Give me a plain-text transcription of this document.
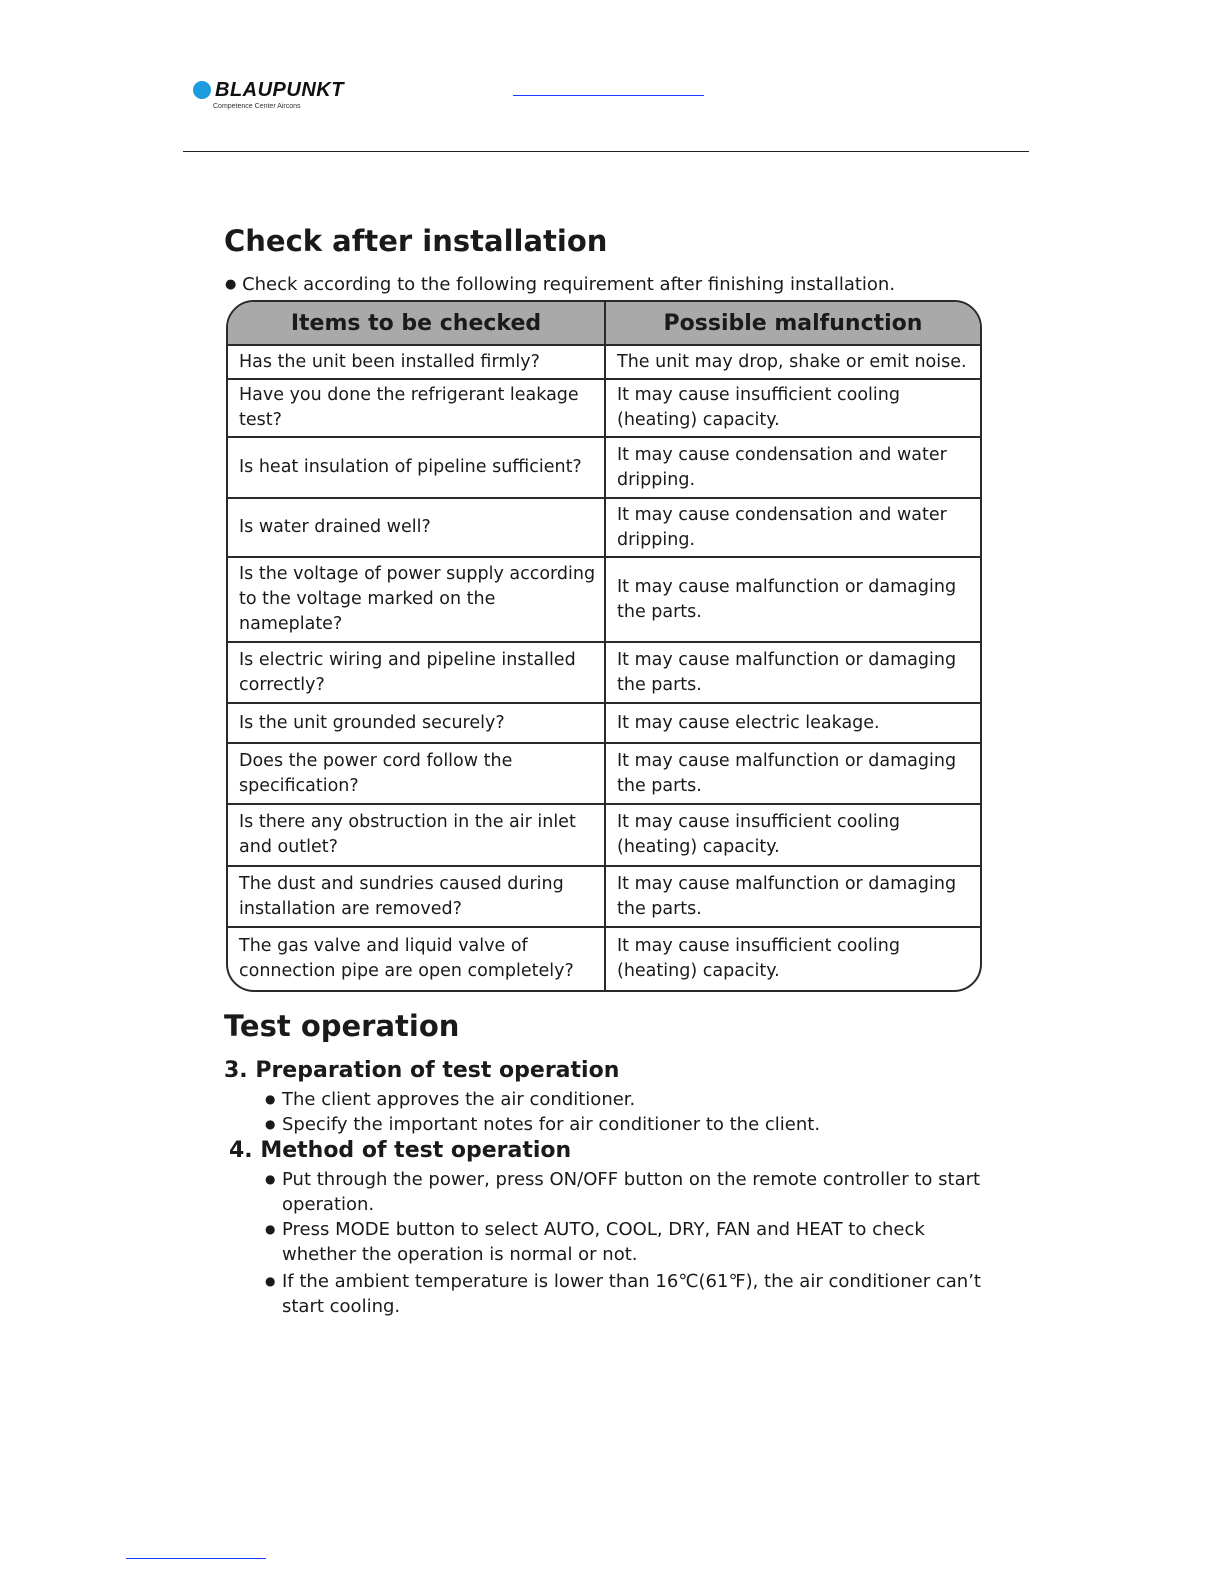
BLAUPUNKT
Competence Center Aircons
Check after installation

● Check according to the following requirement after finishing installation.

Items to be checked	Possible malfunction
Has the unit been installed firmly?	The unit may drop, shake or emit noise.
Have you done the refrigerant leakage test?	It may cause insufficient cooling (heating) capacity.
Is heat insulation of pipeline sufficient?	It may cause condensation and water dripping.
Is water drained well?	It may cause condensation and water dripping.
Is the voltage of power supply according to the voltage marked on the nameplate?	It may cause malfunction or damaging the parts.
Is electric wiring and pipeline installed correctly?	It may cause malfunction or damaging the parts.
Is the unit grounded securely?	It may cause electric leakage.
Does the power cord follow the specification?	It may cause malfunction or damaging the parts.
Is there any obstruction in the air inlet and outlet?	It may cause insufficient cooling (heating) capacity.
The dust and sundries caused during installation are removed?	It may cause malfunction or damaging the parts.
The gas valve and liquid valve of connection pipe are open completely?	It may cause insufficient cooling (heating) capacity.
Test operation
3. Preparation of test operation
● The client approves the air conditioner.
● Specify the important notes for air conditioner to the client.
4. Method of test operation
● Put through the power, press ON/OFF button on the remote controller to start operation.
● Press MODE button to select AUTO, COOL, DRY, FAN and HEAT to check whether the operation is normal or not.
● If the ambient temperature is lower than 16℃(61℉), the air conditioner can’t start cooling.
